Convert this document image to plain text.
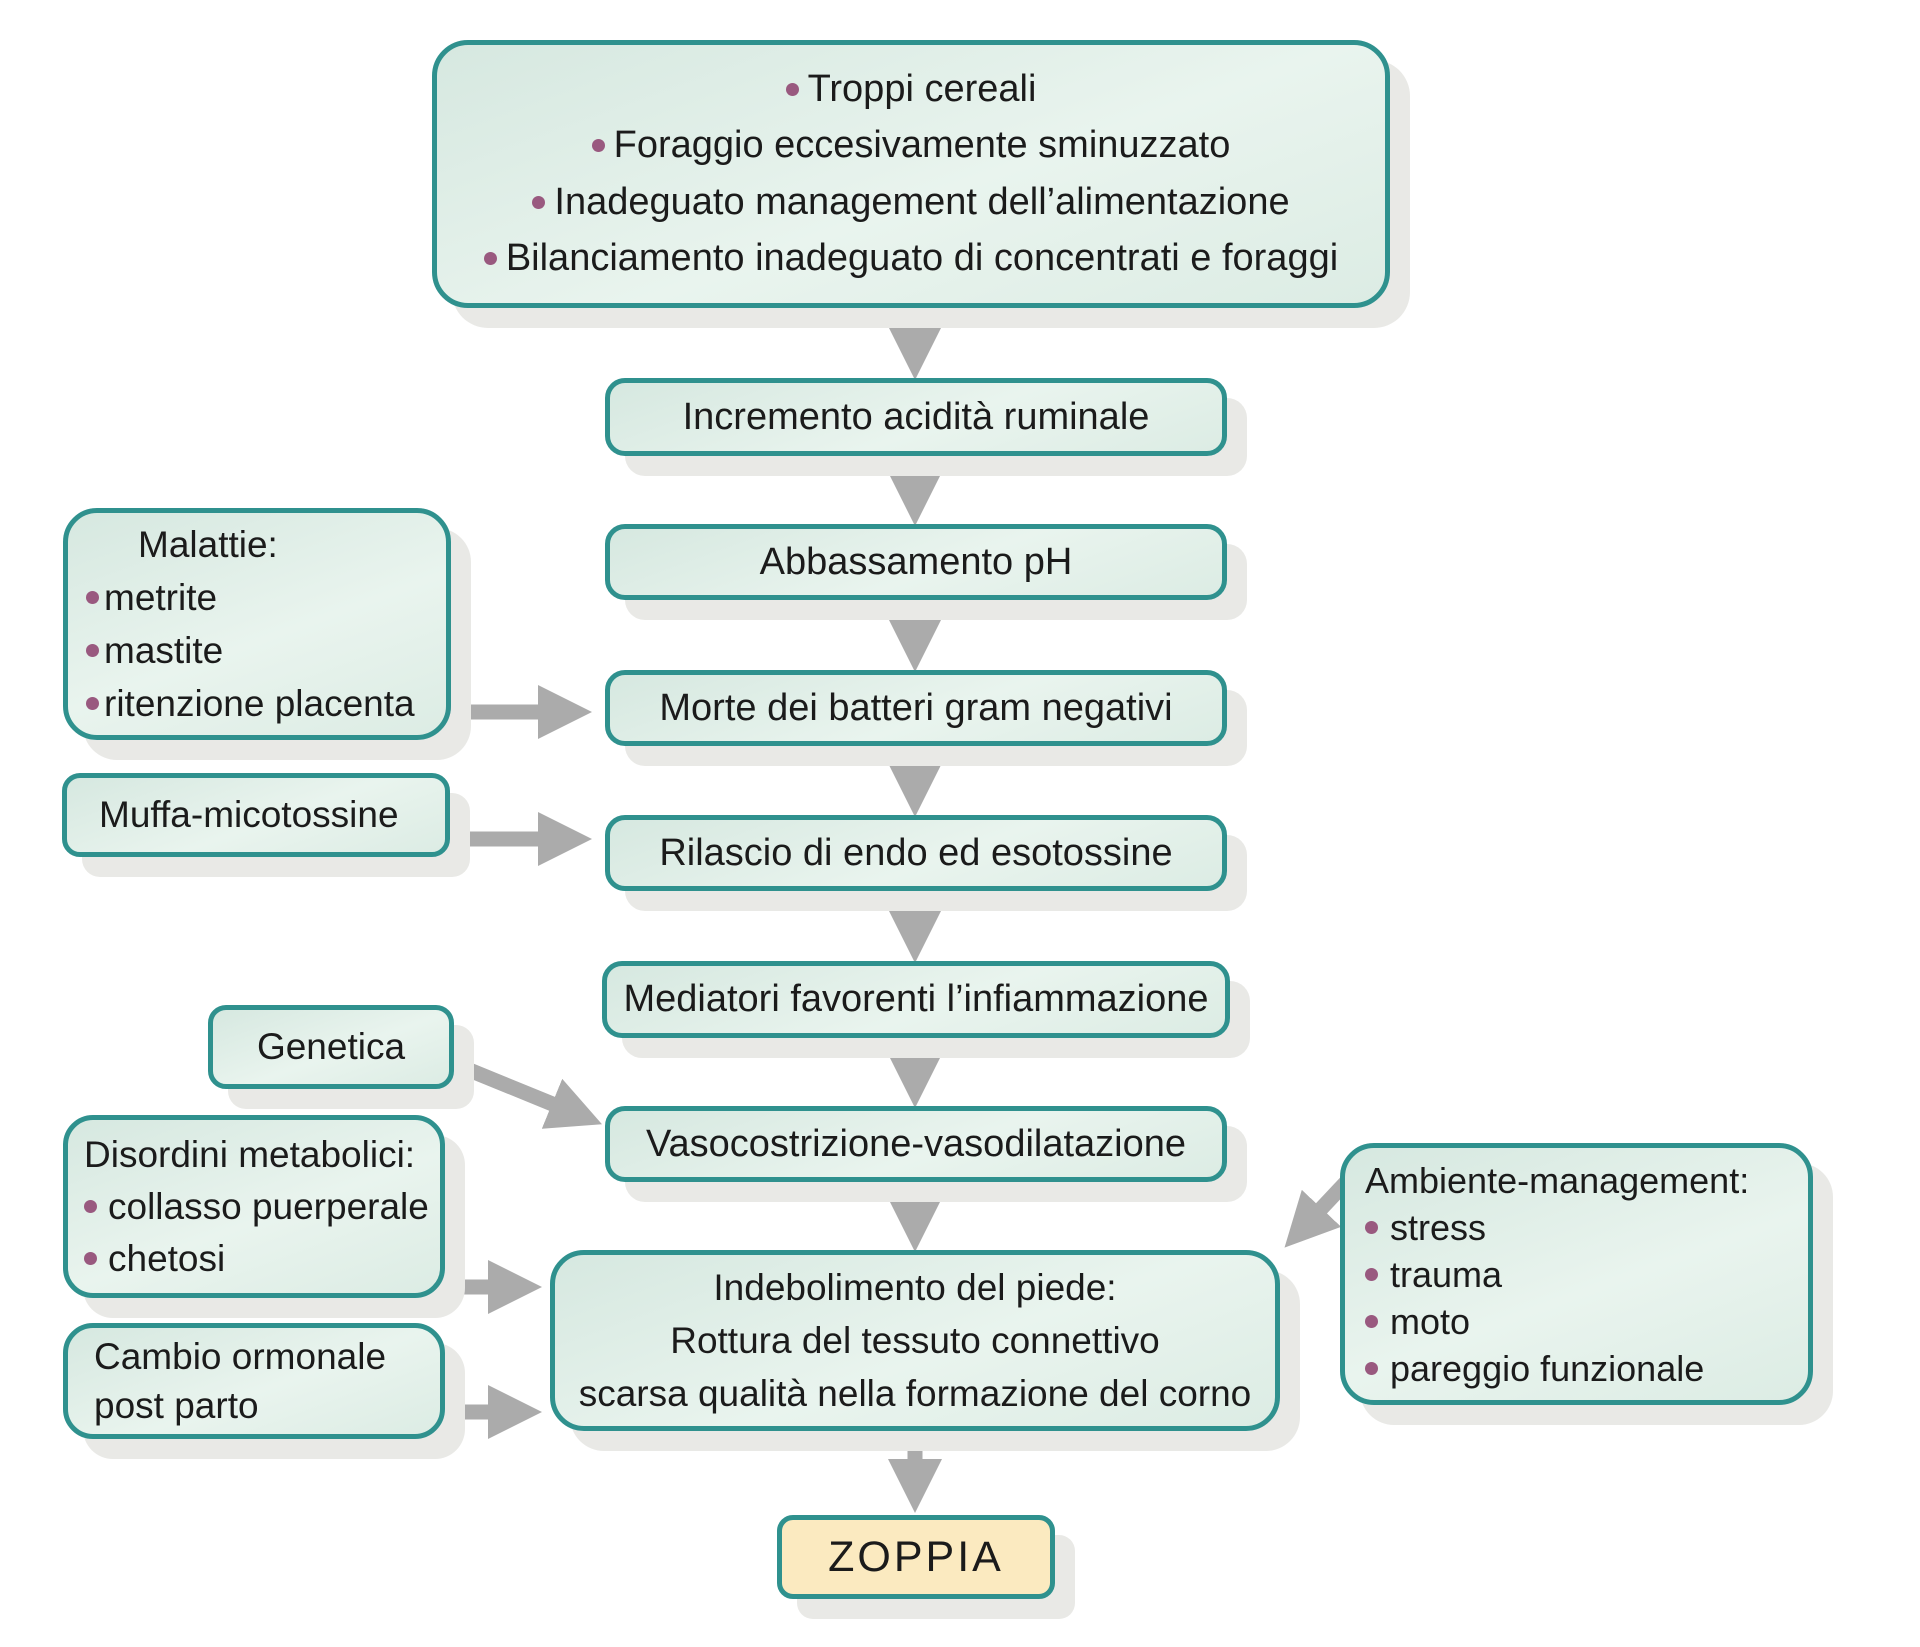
Troppi cereali
Foraggio eccesivamente sminuzzato
Inadeguato management dell’alimentazione
Bilanciamento inadeguato di concentrati e foraggi
Incremento acidità ruminale
Abbassamento pH
Morte dei batteri gram negativi
Rilascio di endo ed esotossine
Mediatori favorenti l’infiammazione
Vasocostrizione-vasodilatazione
Indebolimento del piede:
Rottura del tessuto connettivo
scarsa qualità nella formazione del corno
ZOPPIA
Malattie:
metrite
mastite
ritenzione placenta
Muffa-micotossine
Genetica
Disordini metabolici:
collasso puerperale
chetosi
Cambio ormonale
post parto
Ambiente-management:
stress
trauma
moto
pareggio funzionale
